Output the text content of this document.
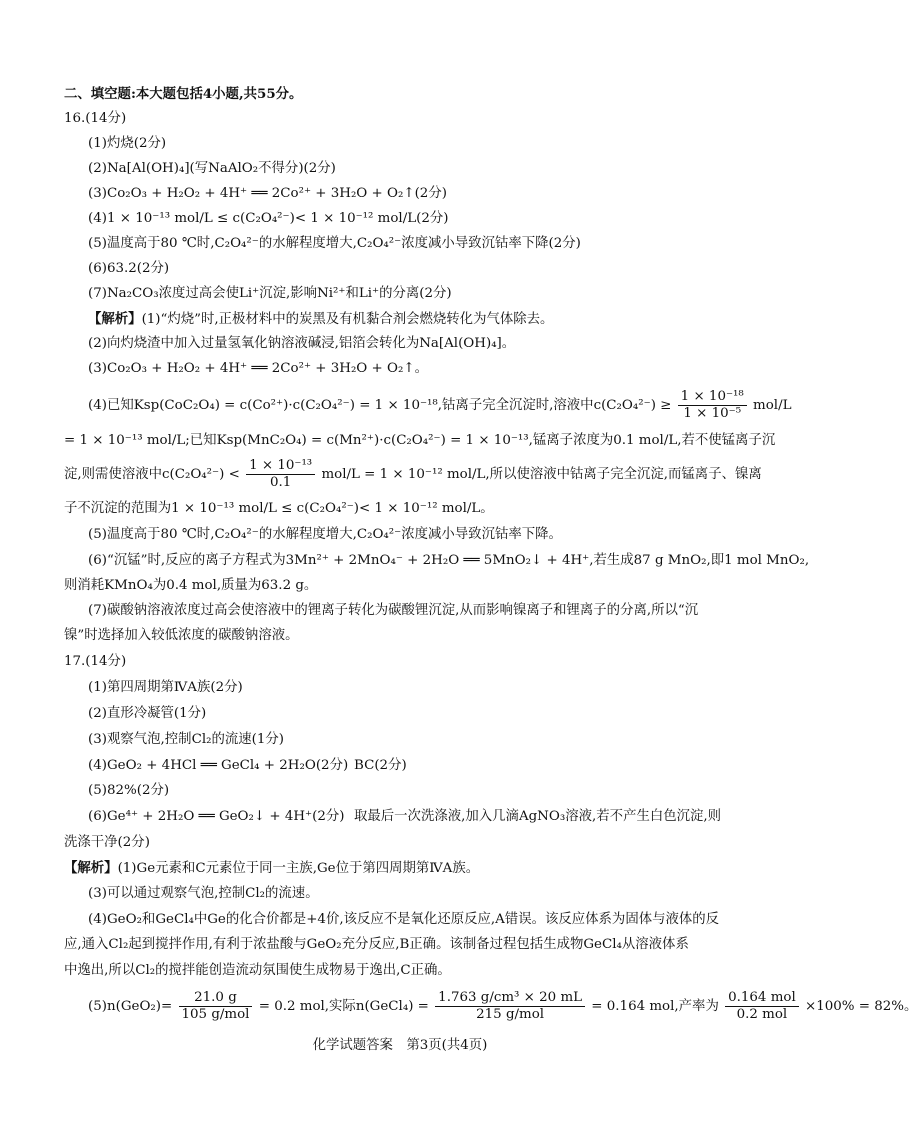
二、填空题:本大题包括4小题,共55分。
16.(14分)
(1)灼烧(2分)
(2)Na[Al(OH)₄](写NaAlO₂不得分)(2分)
(3)Co₂O₃ + H₂O₂ + 4H⁺ ══ 2Co²⁺ + 3H₂O + O₂↑(2分)
(4)1 × 10⁻¹³ mol/L ≤ c(C₂O₄²⁻)< 1 × 10⁻¹² mol/L(2分)
(5)温度高于80 ℃时,C₂O₄²⁻的水解程度增大,C₂O₄²⁻浓度减小导致沉钴率下降(2分)
(6)63.2(2分)
(7)Na₂CO₃浓度过高会使Li⁺沉淀,影响Ni²⁺和Li⁺的分离(2分)
【解析】(1)“灼烧”时,正极材料中的炭黑及有机黏合剂会燃烧转化为气体除去。
(2)向灼烧渣中加入过量氢氧化钠溶液碱浸,铝箔会转化为Na[Al(OH)₄]。
(3)Co₂O₃ + H₂O₂ + 4H⁺ ══ 2Co²⁺ + 3H₂O + O₂↑。
(4)已知Ksp(CoC₂O₄) = c(Co²⁺)·c(C₂O₄²⁻) = 1 × 10⁻¹⁸,钴离子完全沉淀时,溶液中$c(C_2O_4^{2-}) \ge \frac{\text{1 × 10⁻¹⁸}}{\text{1 × 10⁻⁵}} mol/L$
= 1 × 10⁻¹³ mol/L;已知Ksp(MnC₂O₄) = c(Mn²⁺)·c(C₂O₄²⁻) = 1 × 10⁻¹³,锰离子浓度为0.1 mol/L,若不使锰离子沉
淀,则需使溶液中$c(C_2O_4^{2-}) < \frac{\text{1 × 10⁻¹³}}{0.1} mol/L = 1 \times 10^{-12}$ mol/L,所以使溶液中钴离子完全沉淀,而锰离子、镍离
子不沉淀的范围为1 × 10⁻¹³ mol/L ≤ c(C₂O₄²⁻)< 1 × 10⁻¹² mol/L。
(5)温度高于80 ℃时,C₂O₄²⁻的水解程度增大,C₂O₄²⁻浓度减小导致沉钴率下降。
(6)“沉锰”时,反应的离子方程式为3Mn²⁺ + 2MnO₄⁻ + 2H₂O ══ 5MnO₂↓ + 4H⁺,若生成87 g MnO₂,即1 mol MnO₂,
则消耗KMnO₄为0.4 mol,质量为63.2 g。
(7)碳酸钠溶液浓度过高会使溶液中的锂离子转化为碳酸锂沉淀,从而影响镍离子和锂离子的分离,所以“沉
镍”时选择加入较低浓度的碳酸钠溶液。
17.(14分)
(1)第四周期第ⅣA族(2分)
(2)直形冷凝管(1分)
(3)观察气泡,控制Cl₂的流速(1分)
(4)GeO₂ + 4HCl ══ GeCl₄ + 2H₂O(2分) BC(2分)
(5)82%(2分)
(6)Ge⁴⁺ + 2H₂O ══ GeO₂↓ + 4H⁺(2分) 取最后一次洗涤液,加入几滴AgNO₃溶液,若不产生白色沉淀,则
洗涤干净(2分)
【解析】(1)Ge元素和C元素位于同一主族,Ge位于第四周期第ⅣA族。
(3)可以通过观察气泡,控制Cl₂的流速。
(4)GeO₂和GeCl₄中Ge的化合价都是+4价,该反应不是氧化还原反应,A错误。该反应体系为固体与液体的反
应,通入Cl₂起到搅拌作用,有利于浓盐酸与GeO₂充分反应,B正确。该制备过程包括生成物GeCl₄从溶液体系
中逸出,所以Cl₂的搅拌能创造流动氛围使生成物易于逸出,C正确。
$(5)n(GeO_2)= \frac{21.0 g}{\text{105 g/mol}} = 0.2$ mol,实际n(GeCl₄) = $\frac{\text{1.763 g/cm³ × 20 mL}}{\text{215 g/mol}} = 0.164$ mol,产率为 $\frac{\text{0.164 mol}}{\text{0.2 mol}} \times 100\% = 82\%$。
化学试题答案　第3页(共4页)
